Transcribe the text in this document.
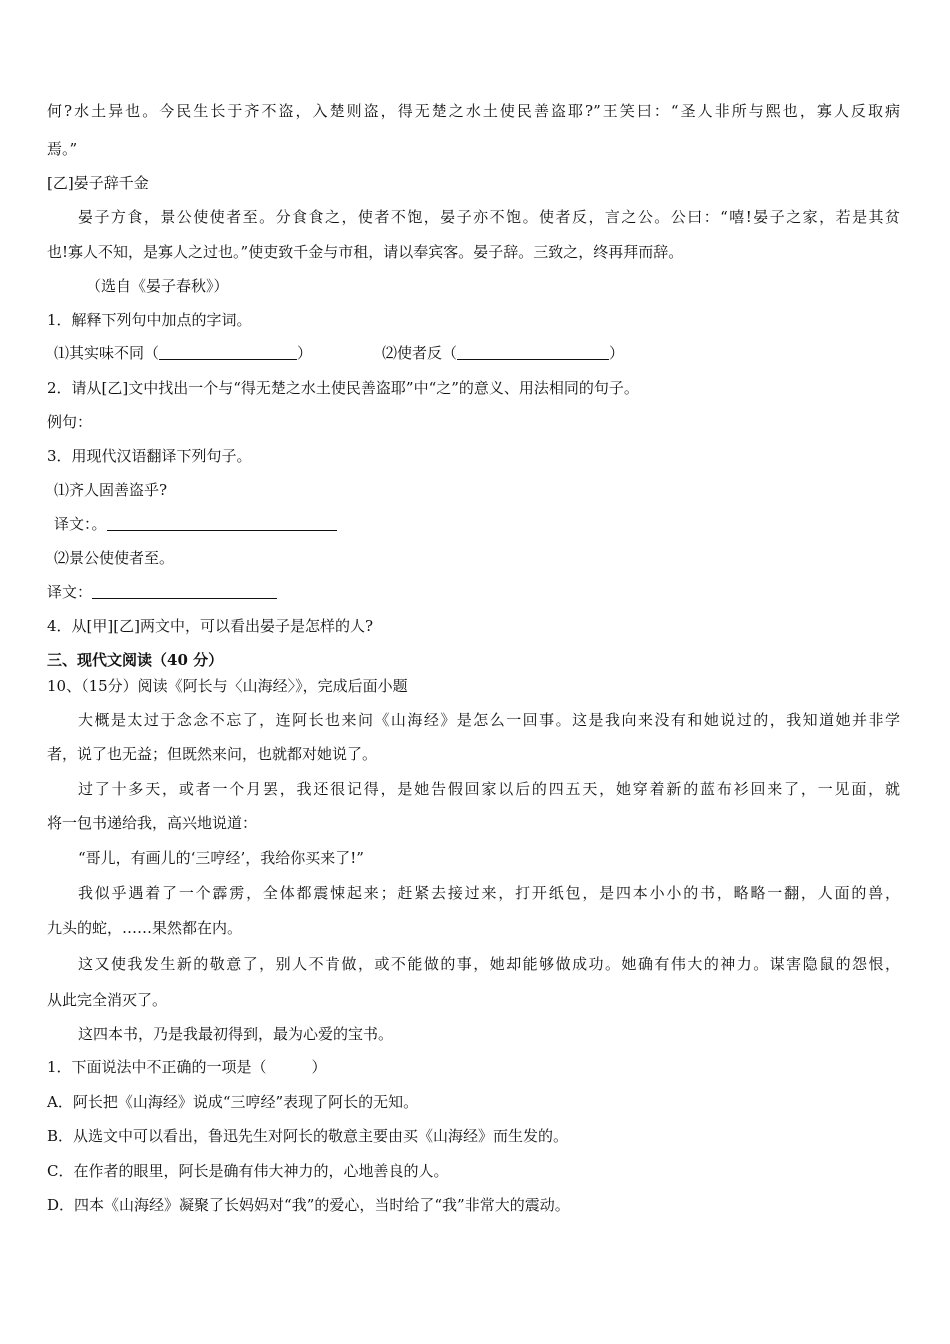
何?水土异也。今民生长于齐不盗，入楚则盗，得无楚之水土使民善盗耶?”王笑曰：“圣人非所与熙也，寡人反取病

焉。”

[乙]晏子辞千金

晏子方食，景公使使者至。分食食之，使者不饱，晏子亦不饱。使者反，言之公。公曰：“嘻!晏子之家，若是其贫

也!寡人不知，是寡人之过也。”使吏致千金与市租，请以奉宾客。晏子辞。三致之，终再拜而辞。

（选自《晏子春秋》）

1．解释下列句中加点的字词。

⑴其实味不同（	）	⑵使者反（	）

2．请从[乙]文中找出一个与“得无楚之水土使民善盗耶”中“之”的意义、用法相同的句子。

例句：

3．用现代汉语翻译下列句子。

⑴齐人固善盗乎?

译文：。

⑵景公使使者至。

译文：

4．从[甲][乙]两文中，可以看出晏子是怎样的人?

三、现代文阅读（40 分）

10、（15分）阅读《阿长与〈山海经〉》，完成后面小题

大概是太过于念念不忘了，连阿长也来问《山海经》是怎么一回事。这是我向来没有和她说过的，我知道她并非学

者，说了也无益；但既然来问，也就都对她说了。

过了十多天，或者一个月罢，我还很记得，是她告假回家以后的四五天，她穿着新的蓝布衫回来了，一见面，就

将一包书递给我，高兴地说道：

“哥儿，有画儿的‘三哼经’，我给你买来了!”

我似乎遇着了一个霹雳，全体都震悚起来；赶紧去接过来，打开纸包，是四本小小的书，略略一翻，人面的兽，

九头的蛇，……果然都在内。

这又使我发生新的敬意了，别人不肯做，或不能做的事，她却能够做成功。她确有伟大的神力。谋害隐鼠的怨恨，

从此完全消灭了。

这四本书，乃是我最初得到，最为心爱的宝书。

1．下面说法中不正确的一项是（　　　）

A．阿长把《山海经》说成“三哼经”表现了阿长的无知。

B．从选文中可以看出，鲁迅先生对阿长的敬意主要由买《山海经》而生发的。

C．在作者的眼里，阿长是确有伟大神力的，心地善良的人。

D．四本《山海经》凝聚了长妈妈对“我”的爱心，当时给了“我”非常大的震动。
